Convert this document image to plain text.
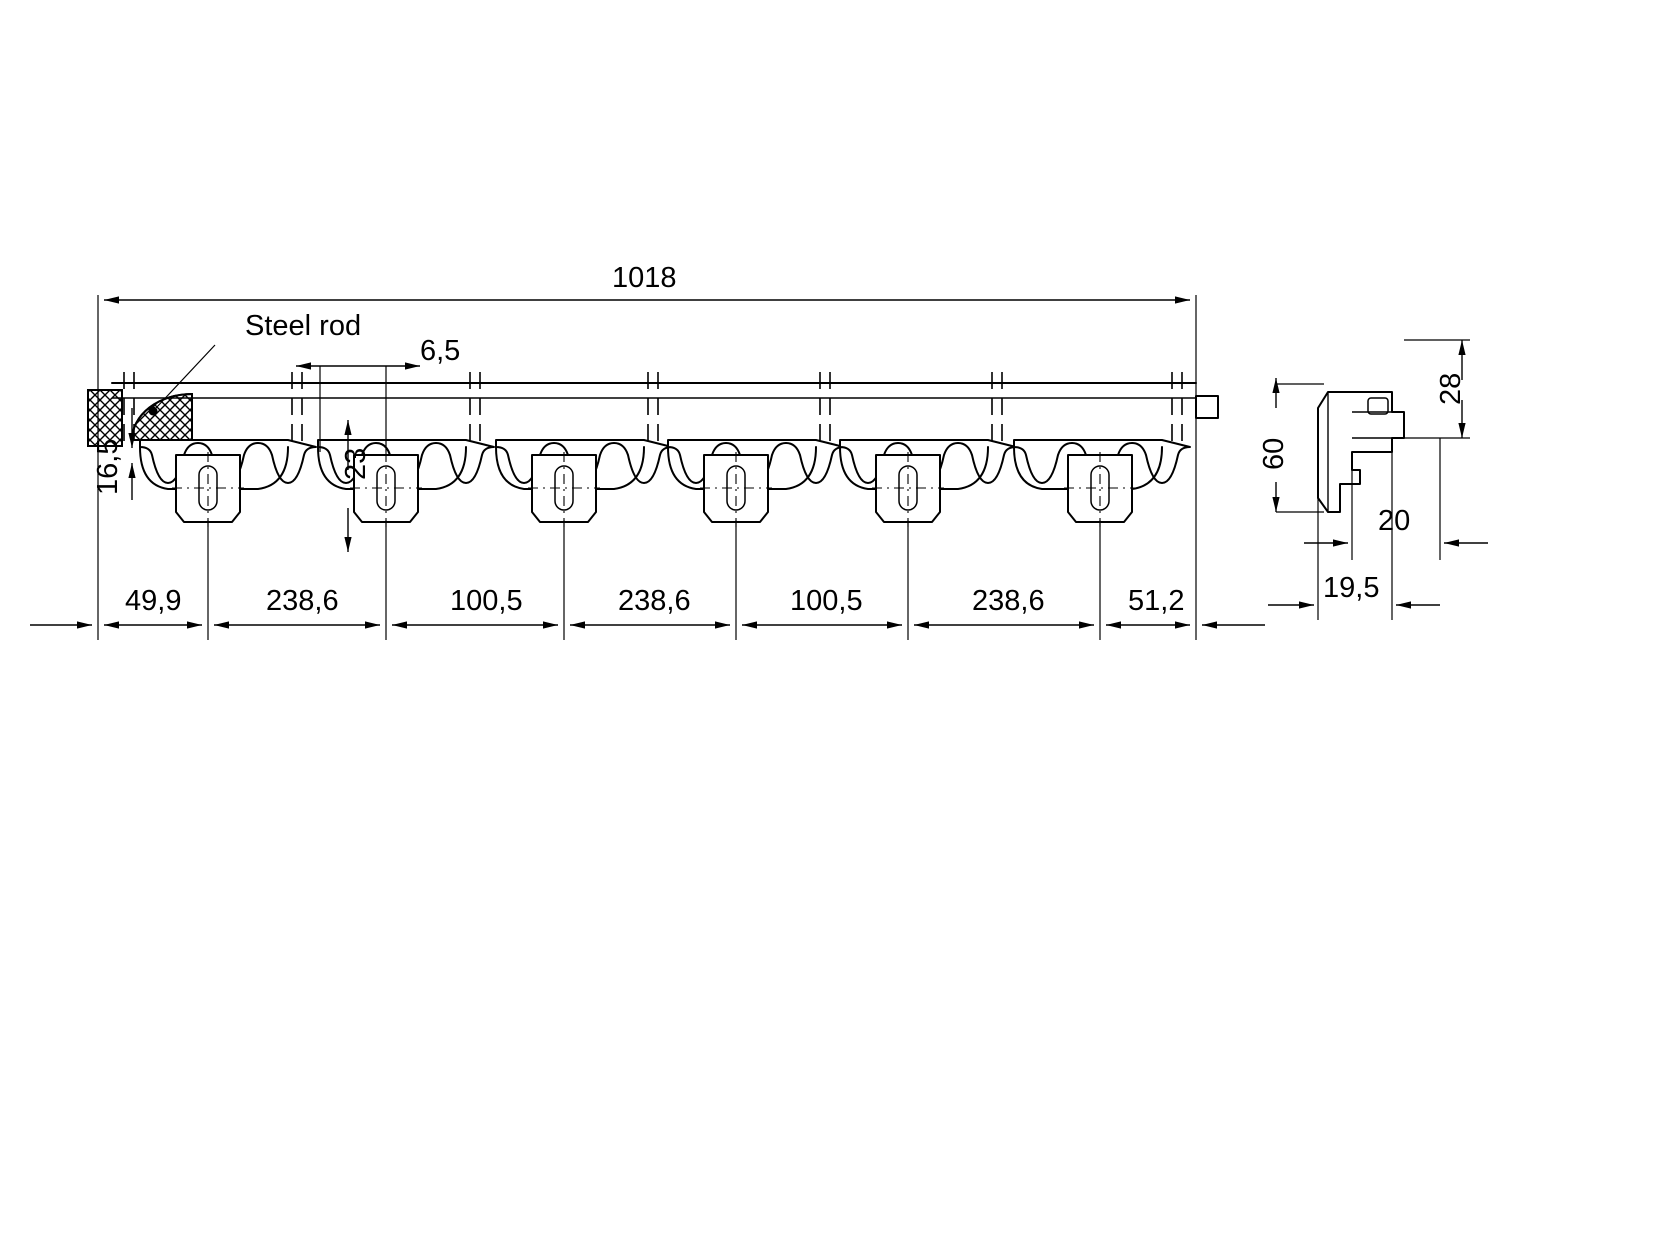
1018
Steel rod
6,5
16,5	23
49,9	238,6	100,5	238,6	100,5	238,6	51,2
60
28
20
19,5
